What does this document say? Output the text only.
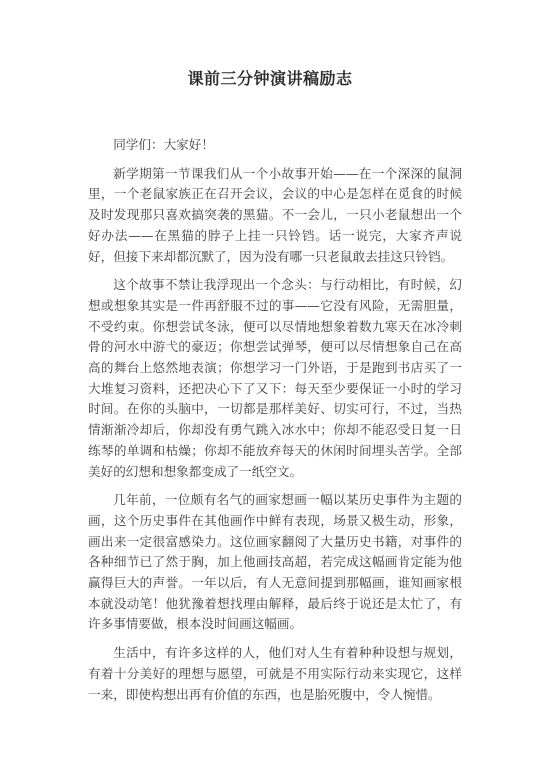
课前三分钟演讲稿励志

同学们：大家好！

新学期第一节课我们从一个小故事开始——在一个深深的鼠洞里，一个老鼠家族正在召开会议，会议的中心是怎样在觅食的时候及时发现那只喜欢搞突袭的黑猫。不一会儿，一只小老鼠想出一个好办法——在黑猫的脖子上挂一只铃铛。话一说完，大家齐声说好，但接下来却都沉默了，因为没有哪一只老鼠敢去挂这只铃铛。

这个故事不禁让我浮现出一个念头：与行动相比，有时候，幻想或想象其实是一件再舒服不过的事——它没有风险，无需胆量，不受约束。你想尝试冬泳，便可以尽情地想象着数九寒天在冰冷刺骨的河水中游弋的豪迈；你想尝试弹琴，便可以尽情想象自己在高高的舞台上悠然地表演；你想学习一门外语，于是跑到书店买了一大堆复习资料，还把决心下了又下：每天至少要保证一小时的学习时间。在你的头脑中，一切都是那样美好、切实可行，不过，当热情渐渐冷却后，你却没有勇气跳入冰水中；你却不能忍受日复一日练琴的单调和枯燥；你却不能放弃每天的休闲时间埋头苦学。全部美好的幻想和想象都变成了一纸空文。

几年前，一位颇有名气的画家想画一幅以某历史事件为主题的画，这个历史事件在其他画作中鲜有表现，场景又极生动，形象，画出来一定很富感染力。这位画家翻阅了大量历史书籍，对事件的各种细节已了然于胸，加上他画技高超，若完成这幅画肯定能为他赢得巨大的声誉。一年以后，有人无意间提到那幅画，谁知画家根本就没动笔！他犹豫着想找理由解释，最后终于说还是太忙了，有许多事情要做，根本没时间画这幅画。

生活中，有许多这样的人，他们对人生有着种种设想与规划，有着十分美好的理想与愿望，可就是不用实际行动来实现它，这样一来，即使构想出再有价值的东西，也是胎死腹中，令人惋惜。
